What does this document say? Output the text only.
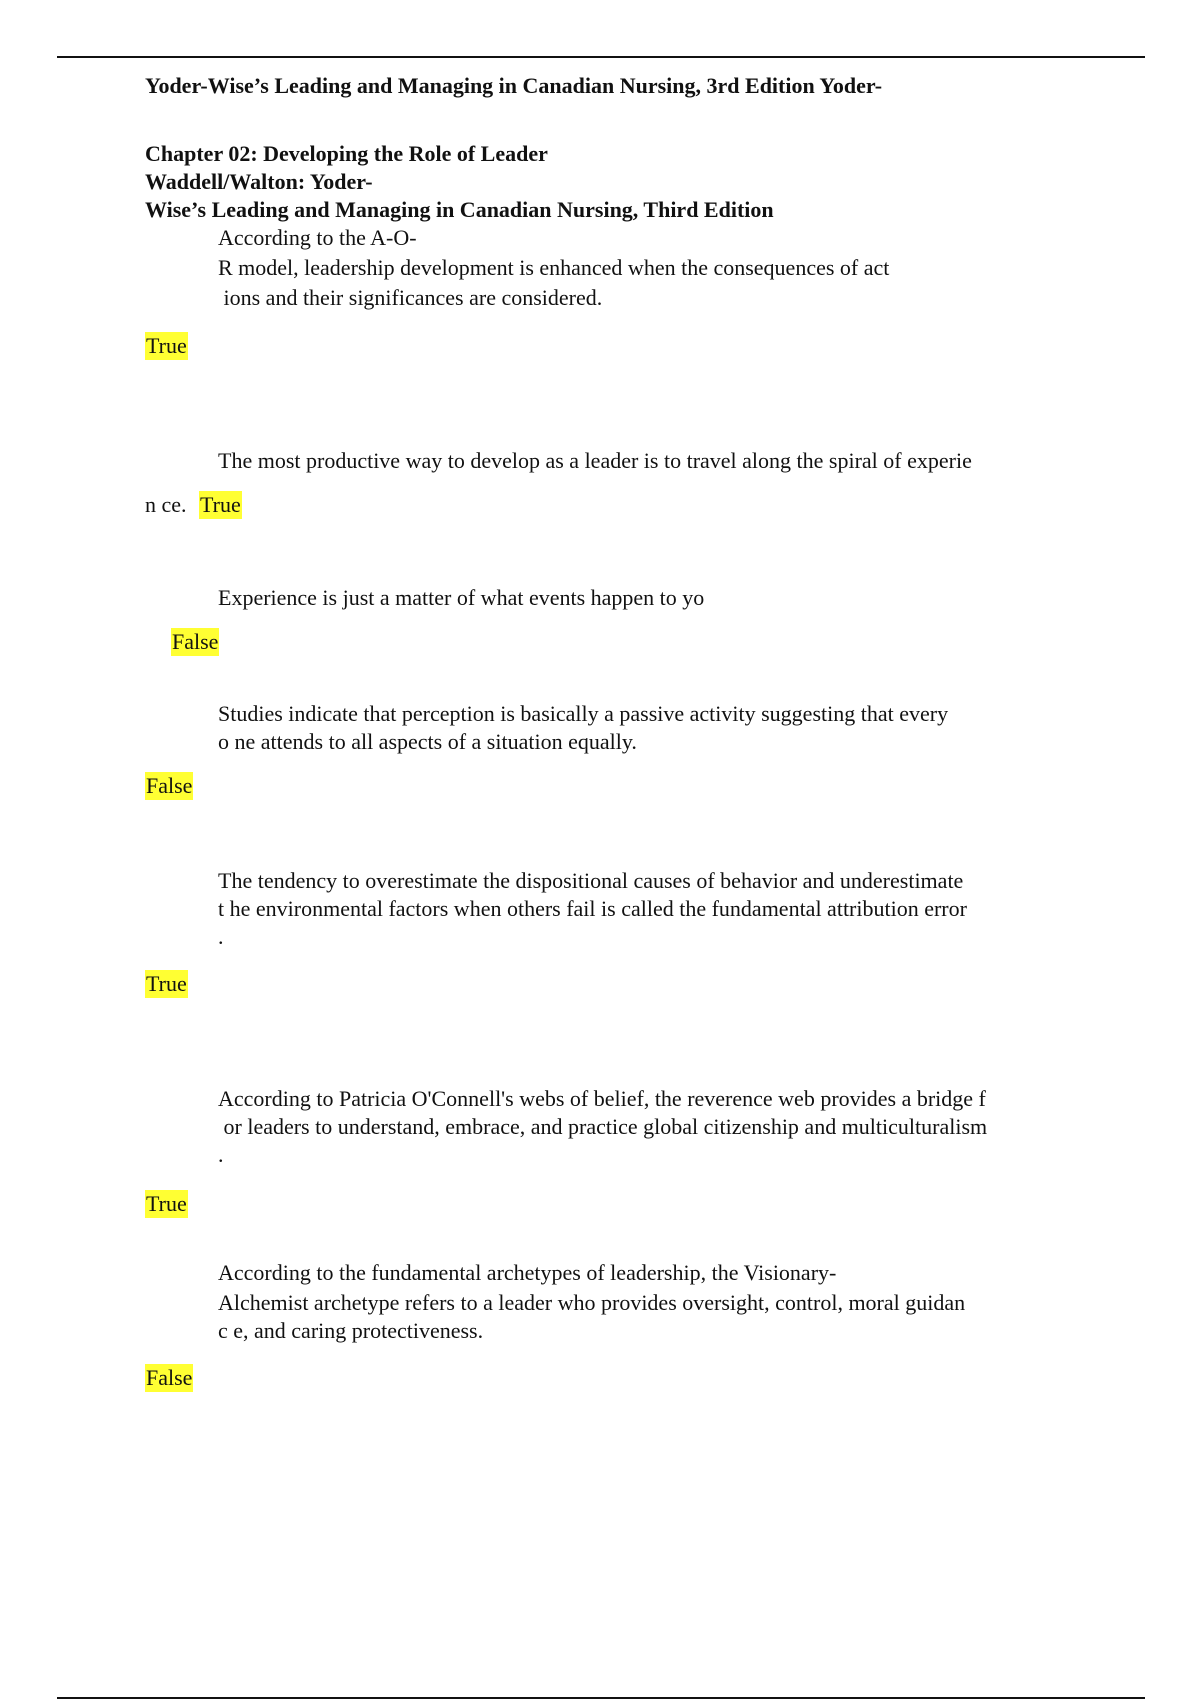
Yoder-Wise’s Leading and Managing in Canadian Nursing, 3rd Edition Yoder-

Chapter 02: Developing the Role of Leader

Waddell/Walton: Yoder-

Wise’s Leading and Managing in Canadian Nursing, Third Edition

According to the A-O-

R model, leadership development is enhanced when the consequences of act

ions and their significances are considered.

True

The most productive way to develop as a leader is to travel along the spiral of experie

n ce. True

Experience is just a matter of what events happen to yo

False

Studies indicate that perception is basically a passive activity suggesting that every

o ne attends to all aspects of a situation equally.

False

The tendency to overestimate the dispositional causes of behavior and underestimate

t he environmental factors when others fail is called the fundamental attribution error

.

True

According to Patricia O'Connell's webs of belief, the reverence web provides a bridge f

or leaders to understand, embrace, and practice global citizenship and multiculturalism

.

True

According to the fundamental archetypes of leadership, the Visionary-

Alchemist archetype refers to a leader who provides oversight, control, moral guidan

c e, and caring protectiveness.

False
